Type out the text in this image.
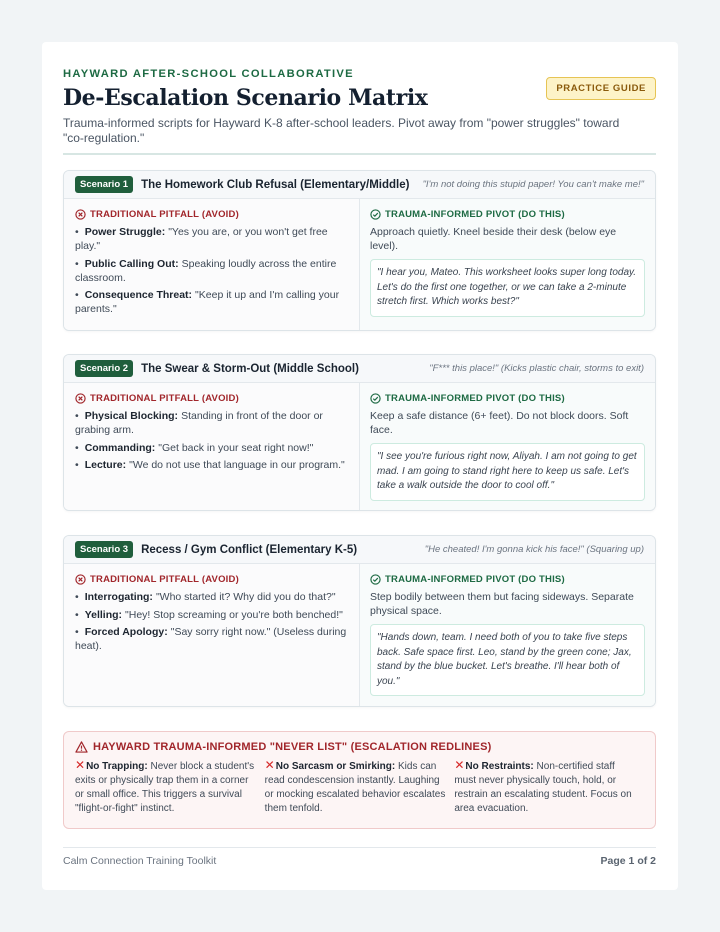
HAYWARD AFTER-SCHOOL COLLABORATIVE
De-Escalation Scenario Matrix	PRACTICE GUIDE
Trauma-informed scripts for Hayward K-8 after-school leaders. Pivot away from "power struggles" toward "co-regulation."
Scenario 1	The Homework Club Refusal (Elementary/Middle) "I'm not doing this stupid paper! You can't make me!"
TRADITIONAL PITFALL (AVOID)
• Power Struggle: "Yes you are, or you won't get free play."
• Public Calling Out: Speaking loudly across the entire classroom.
• Consequence Threat: "Keep it up and I'm calling your parents."
TRAUMA-INFORMED PIVOT (DO THIS)
Approach quietly. Kneel beside their desk (below eye level).
"I hear you, Mateo. This worksheet looks super long today. Let's do the first one together, or we can take a 2-minute stretch first. Which works best?"
Scenario 2	The Swear & Storm-Out (Middle School)	"F*** this place!" (Kicks plastic chair, storms to exit)
TRADITIONAL PITFALL (AVOID)
• Physical Blocking: Standing in front of the door or grabing arm.
• Commanding: "Get back in your seat right now!"
• Lecture: "We do not use that language in our program."
TRAUMA-INFORMED PIVOT (DO THIS)
Keep a safe distance (6+ feet). Do not block doors. Soft face.
"I see you're furious right now, Aliyah. I am not going to get mad. I am going to stand right here to keep us safe. Let's take a walk outside the door to cool off."
Scenario 3	Recess / Gym Conflict (Elementary K-5)	"He cheated! I'm gonna kick his face!" (Squaring up)
TRADITIONAL PITFALL (AVOID)
• Interrogating: "Who started it? Why did you do that?"
• Yelling: "Hey! Stop screaming or you're both benched!"
• Forced Apology: "Say sorry right now." (Useless during heat).
TRAUMA-INFORMED PIVOT (DO THIS)
Step bodily between them but facing sideways. Separate physical space.
"Hands down, team. I need both of you to take five steps back. Safe space first. Leo, stand by the green cone; Jax, stand by the blue bucket. Let's breathe. I'll hear both of you."
HAYWARD TRAUMA-INFORMED "NEVER LIST" (ESCALATION REDLINES)
✕No Trapping: Never block a student's exits or physically trap them in a corner or small office. This triggers a survival "flight-or-fight" instinct.
✕No Sarcasm or Smirking: Kids can read condescension instantly. Laughing or mocking escalated behavior escalates them tenfold.
✕No Restraints: Non-certified staff must never physically touch, hold, or restrain an escalating student. Focus on area evacuation.
Calm Connection Training Toolkit	Page 1 of 2
